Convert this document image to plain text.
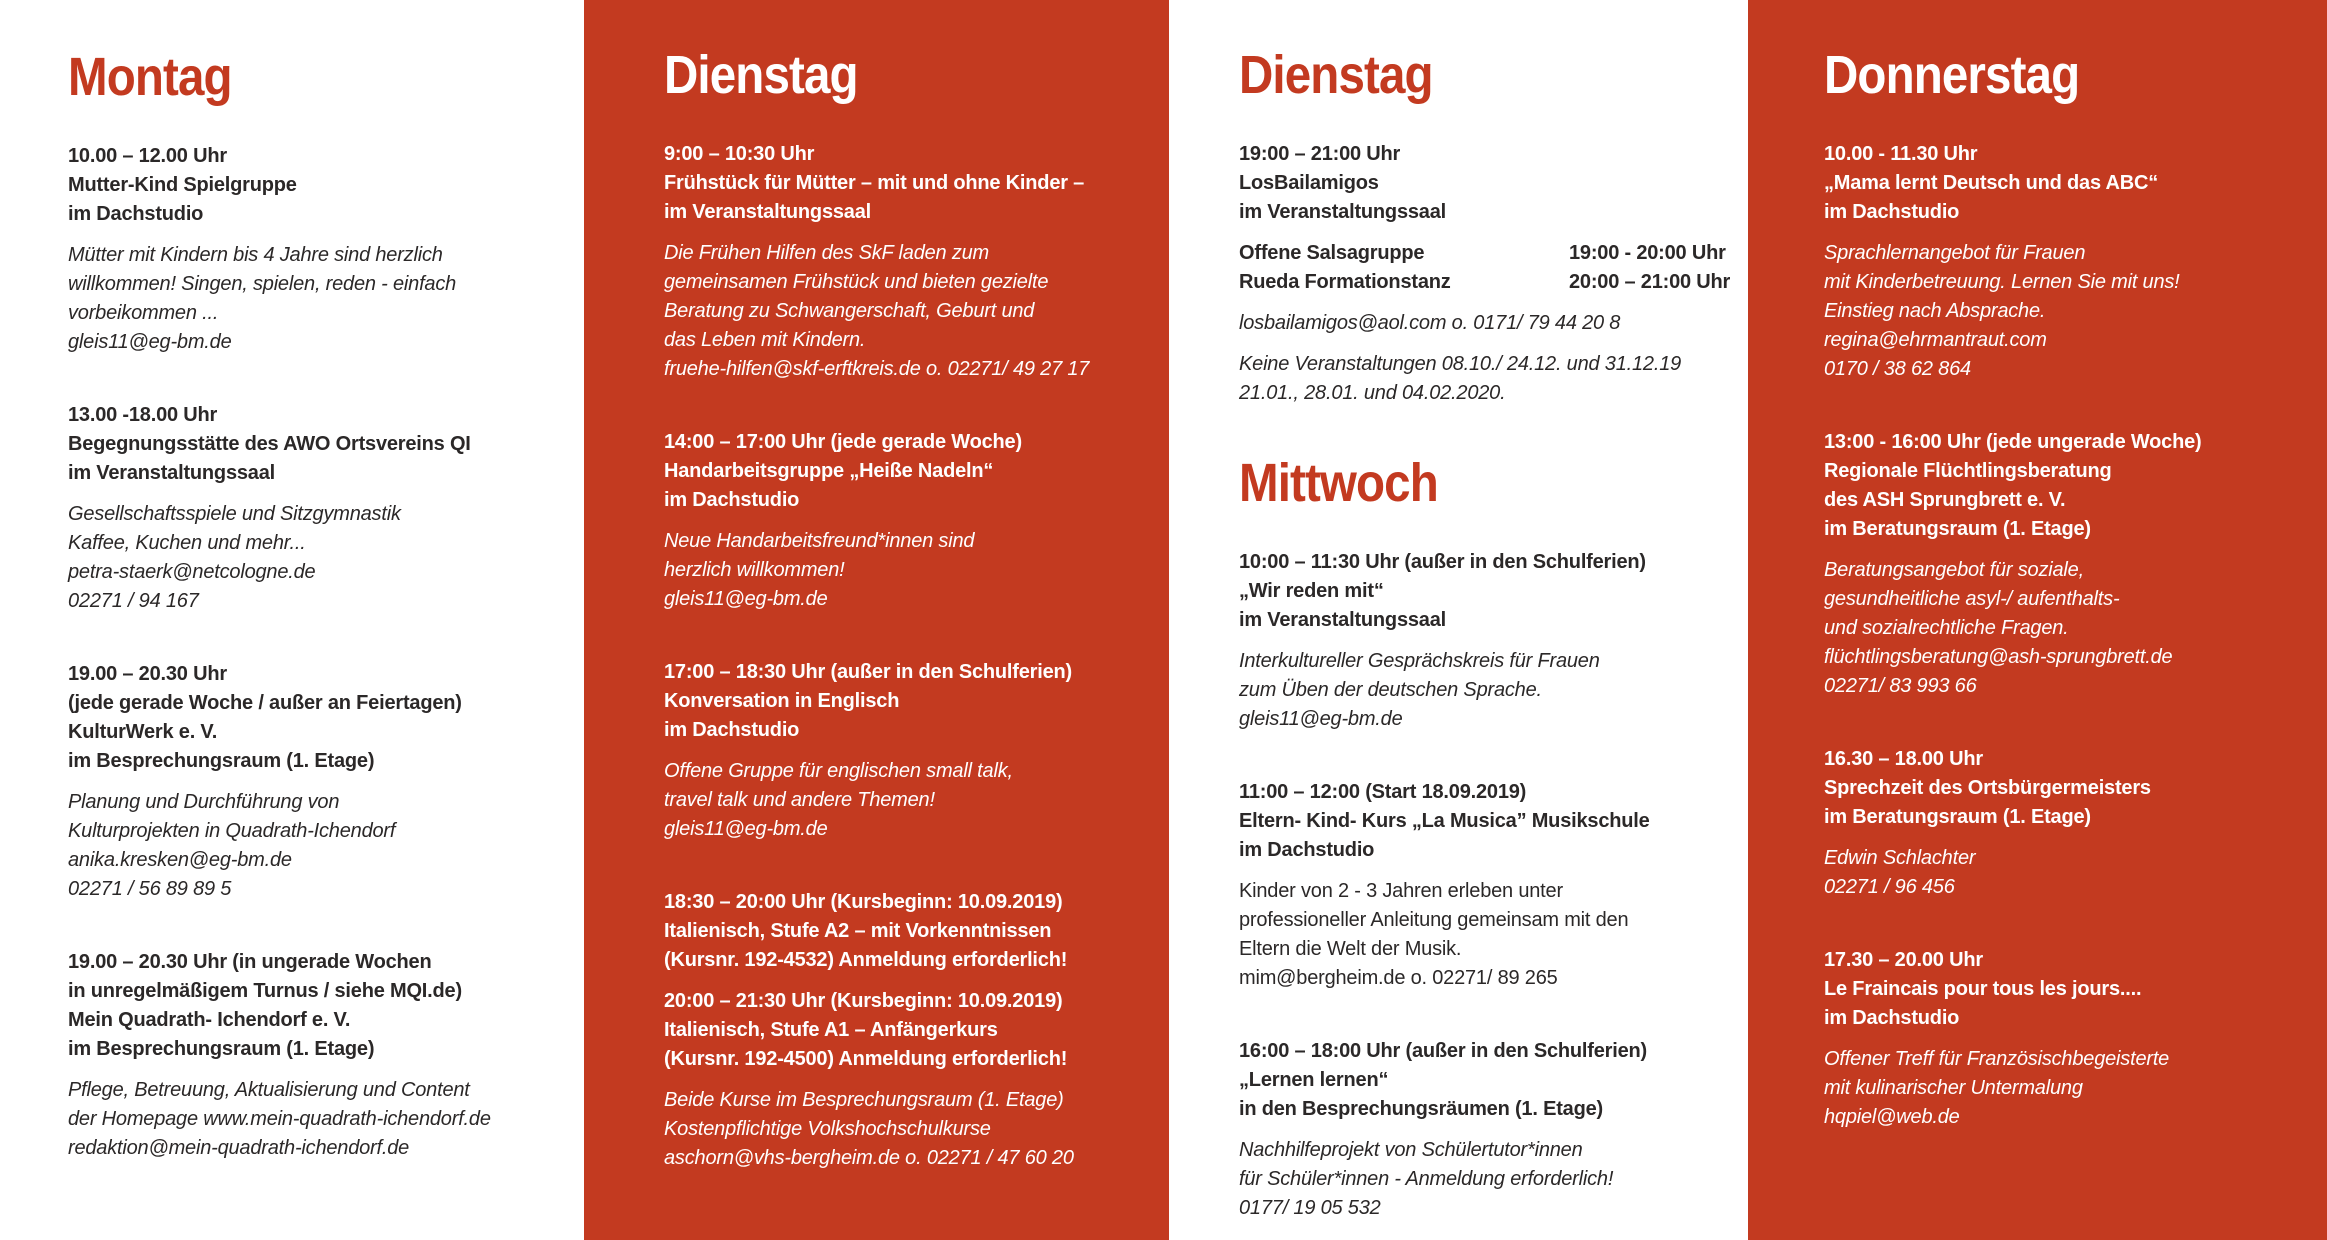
Montag
10.00 – 12.00 Uhr
Mutter-Kind Spielgruppe
im Dachstudio
Mütter mit Kindern bis 4 Jahre sind herzlich
willkommen! Singen, spielen, reden - einfach
vorbeikommen ...
gleis11@eg-bm.de
13.00 -18.00 Uhr
Begegnungsstätte des AWO Ortsvereins QI
im Veranstaltungssaal
Gesellschaftsspiele und Sitzgymnastik
Kaffee, Kuchen und mehr...
petra-staerk@netcologne.de
02271 / 94 167
19.00 – 20.30 Uhr
(jede gerade Woche / außer an Feiertagen)
KulturWerk e. V.
im Besprechungsraum (1. Etage)
Planung und Durchführung von
Kulturprojekten in Quadrath-Ichendorf
anika.kresken@eg-bm.de
02271 / 56 89 89 5
19.00 – 20.30 Uhr (in ungerade Wochen
in unregelmäßigem Turnus / siehe MQI.de)
Mein Quadrath- Ichendorf e. V.
im Besprechungsraum (1. Etage)
Pflege, Betreuung, Aktualisierung und Content
der Homepage www.mein-quadrath-ichendorf.de
redaktion@mein-quadrath-ichendorf.de
Dienstag
9:00 – 10:30 Uhr
Frühstück für Mütter – mit und ohne Kinder –
im Veranstaltungssaal
Die Frühen Hilfen des SkF laden zum
gemeinsamen Frühstück und bieten gezielte
Beratung zu Schwangerschaft, Geburt und
das Leben mit Kindern.
fruehe-hilfen@skf-erftkreis.de o. 02271/ 49 27 17
14:00 – 17:00 Uhr (jede gerade Woche)
Handarbeitsgruppe „Heiße Nadeln“
im Dachstudio
Neue Handarbeitsfreund*innen sind
herzlich willkommen!
gleis11@eg-bm.de
17:00 – 18:30 Uhr (außer in den Schulferien)
Konversation in Englisch
im Dachstudio
Offene Gruppe für englischen small talk,
travel talk und andere Themen!
gleis11@eg-bm.de
18:30 – 20:00 Uhr (Kursbeginn: 10.09.2019)
Italienisch, Stufe A2 – mit Vorkenntnissen
(Kursnr. 192-4532) Anmeldung erforderlich!
20:00 – 21:30 Uhr (Kursbeginn: 10.09.2019)
Italienisch, Stufe A1 – Anfängerkurs
(Kursnr. 192-4500) Anmeldung erforderlich!
Beide Kurse im Besprechungsraum (1. Etage)
Kostenpflichtige Volkshochschulkurse
aschorn@vhs-bergheim.de o. 02271 / 47 60 20
Dienstag
19:00 – 21:00 Uhr
LosBailamigos
im Veranstaltungssaal
Offene Salsagruppe	19:00 - 20:00 Uhr
Rueda Formationstanz	20:00 – 21:00 Uhr
losbailamigos@aol.com o. 0171/ 79 44 20 8
Keine Veranstaltungen 08.10./ 24.12. und 31.12.19
21.01., 28.01. und 04.02.2020.
Mittwoch
10:00 – 11:30 Uhr (außer in den Schulferien)
„Wir reden mit“
im Veranstaltungssaal
Interkultureller Gesprächskreis für Frauen
zum Üben der deutschen Sprache.
gleis11@eg-bm.de
11:00 – 12:00 (Start 18.09.2019)
Eltern- Kind- Kurs „La Musica” Musikschule
im Dachstudio
Kinder von 2 - 3 Jahren erleben unter
professioneller Anleitung gemeinsam mit den
Eltern die Welt der Musik.
mim@bergheim.de o. 02271/ 89 265
16:00 – 18:00 Uhr (außer in den Schulferien)
„Lernen lernen“
in den Besprechungsräumen (1. Etage)
Nachhilfeprojekt von Schülertutor*innen
für Schüler*innen - Anmeldung erforderlich!
0177/ 19 05 532
Donnerstag
10.00 - 11.30 Uhr
„Mama lernt Deutsch und das ABC“
im Dachstudio
Sprachlernangebot für Frauen
mit Kinderbetreuung. Lernen Sie mit uns!
Einstieg nach Absprache.
regina@ehrmantraut.com
0170 / 38 62 864
13:00 - 16:00 Uhr (jede ungerade Woche)
Regionale Flüchtlingsberatung
des ASH Sprungbrett e. V.
im Beratungsraum (1. Etage)
Beratungsangebot für soziale,
gesundheitliche asyl-/ aufenthalts-
und sozialrechtliche Fragen.
flüchtlingsberatung@ash-sprungbrett.de
02271/ 83 993 66
16.30 – 18.00 Uhr
Sprechzeit des Ortsbürgermeisters
im Beratungsraum (1. Etage)
Edwin Schlachter
02271 / 96 456
17.30 – 20.00 Uhr
Le Fraincais pour tous les jours....
im Dachstudio
Offener Treff für Französischbegeisterte
mit kulinarischer Untermalung
hqpiel@web.de
